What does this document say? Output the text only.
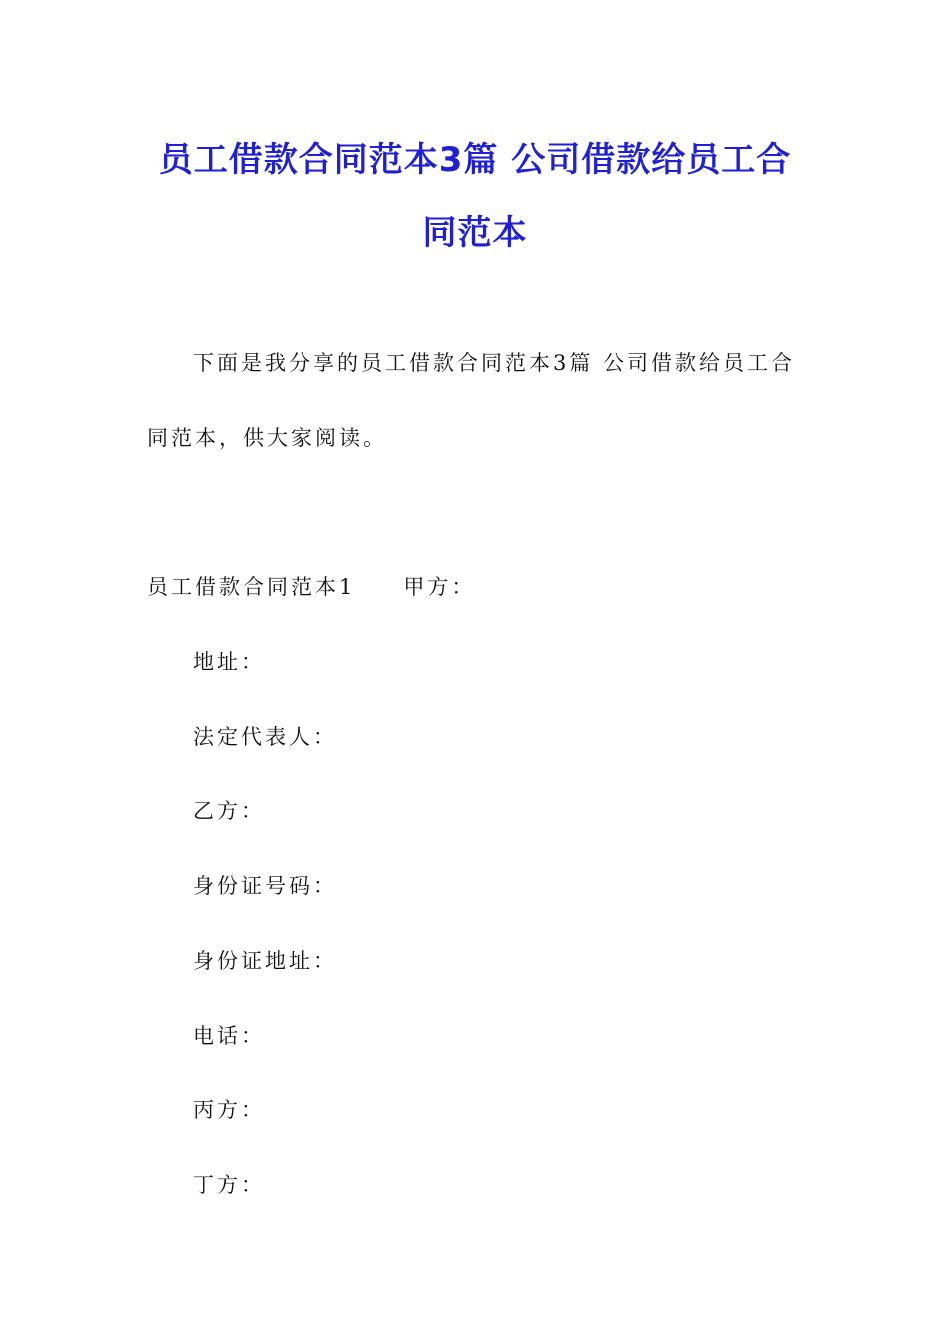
员工借款合同范本3篇 公司借款给员工合
同范本
下面是我分享的员工借款合同范本3篇 公司借款给员工合
同范本，供大家阅读。
员工借款合同范本1 甲方：
地址：
法定代表人：
乙方：
身份证号码：
身份证地址：
电话：
丙方：
丁方：
